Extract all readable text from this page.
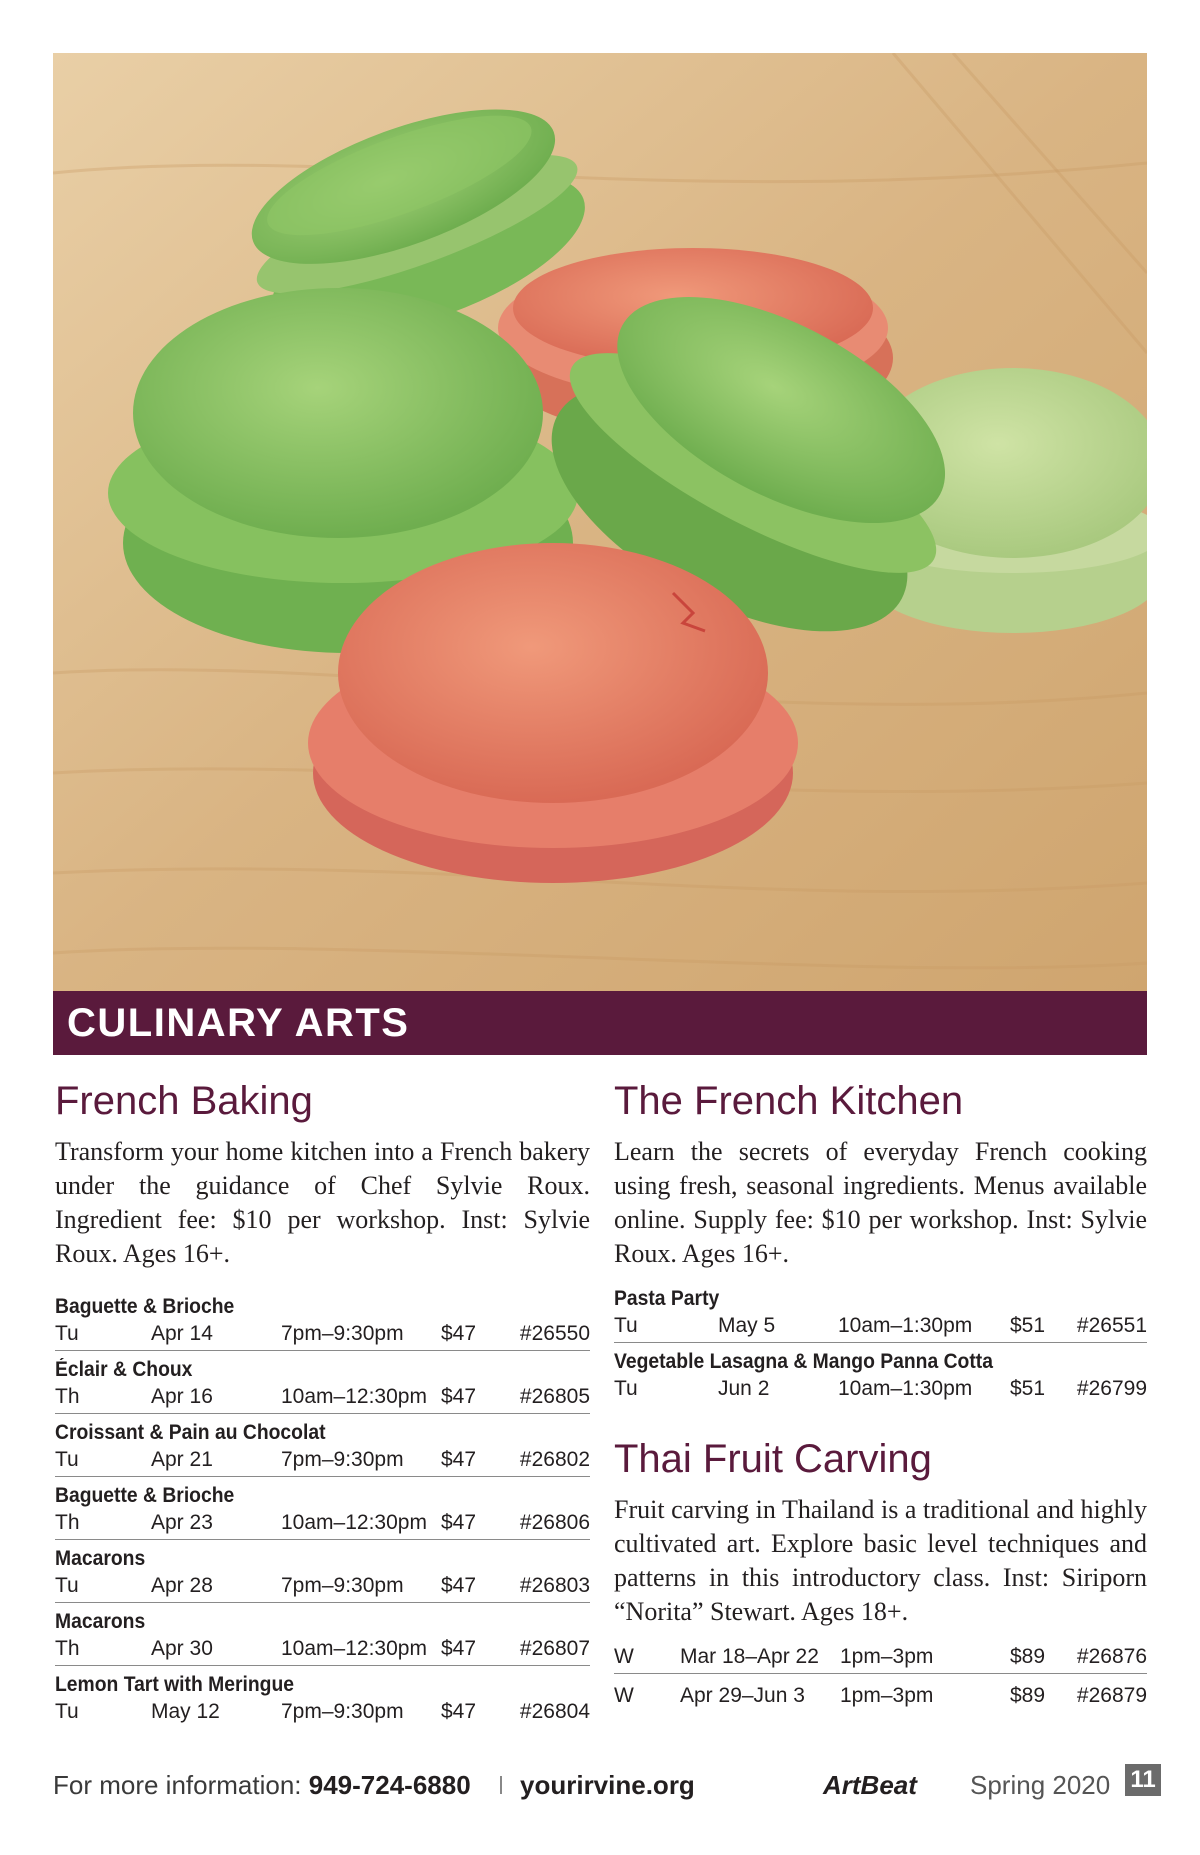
CULINARY ARTS
French Baking

Transform your home kitchen into a French bakery under the guidance of Chef Sylvie Roux. Ingredient fee: $10 per workshop. Inst: Sylvie Roux. Ages 16+.

Baguette & Brioche
Tu	Apr 14	7pm–9:30pm	$47	#26550
Éclair & Choux
Th	Apr 16	10am–12:30pm $47	#26805
Croissant & Pain au Chocolat
Tu	Apr 21	7pm–9:30pm	$47	#26802
Baguette & Brioche
Th	Apr 23	10am–12:30pm $47	#26806
Macarons
Tu	Apr 28	7pm–9:30pm	$47	#26803
Macarons
Th	Apr 30	10am–12:30pm $47	#26807
Lemon Tart with Meringue
Tu	May 12	7pm–9:30pm	$47	#26804
The French Kitchen

Learn the secrets of everyday French cooking using fresh, seasonal ingredients. Menus available online. Supply fee: $10 per workshop. Inst: Sylvie Roux. Ages 16+.

Pasta Party
Tu	May 5	10am–1:30pm	$51	#26551
Vegetable Lasagna & Mango Panna Cotta
Tu	Jun 2	10am–1:30pm	$51	#26799
Thai Fruit Carving

Fruit carving in Thailand is a traditional and highly cultivated art. Explore basic level techniques and patterns in this introductory class. Inst: Siriporn “Norita” Stewart. Ages 18+.

W	Mar 18–Apr 22	1pm–3pm	$89	#26876
W	Apr 29–Jun 3	1pm–3pm	$89	#26879
For more information: 949-724-6880 yourirvine.org	ArtBeat Spring 2020 11
